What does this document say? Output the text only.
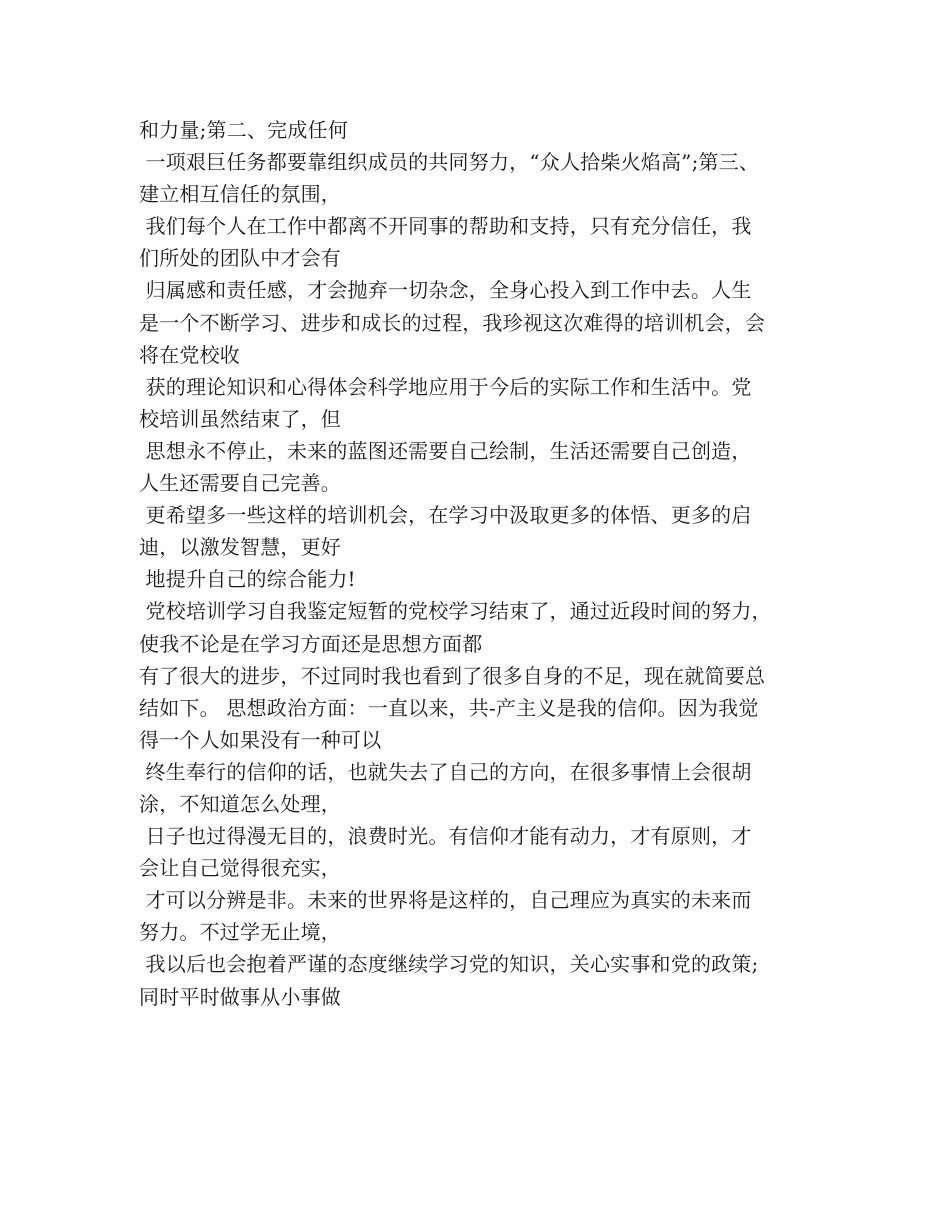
和力量;第二、完成任何
一项艰巨任务都要靠组织成员的共同努力，“众人拾柴火焰高”;第三、
建立相互信任的氛围，
我们每个人在工作中都离不开同事的帮助和支持，只有充分信任，我
们所处的团队中才会有
归属感和责任感，才会抛弃一切杂念，全身心投入到工作中去。人生
是一个不断学习、进步和成长的过程，我珍视这次难得的培训机会，会
将在党校收
获的理论知识和心得体会科学地应用于今后的实际工作和生活中。党
校培训虽然结束了，但
思想永不停止，未来的蓝图还需要自己绘制，生活还需要自己创造，
人生还需要自己完善。
更希望多一些这样的培训机会，在学习中汲取更多的体悟、更多的启
迪，以激发智慧，更好
地提升自己的综合能力!
党校培训学习自我鉴定短暂的党校学习结束了，通过近段时间的努力，
使我不论是在学习方面还是思想方面都
有了很大的进步，不过同时我也看到了很多自身的不足，现在就简要总
结如下。 思想政治方面：一直以来，共-产主义是我的信仰。因为我觉
得一个人如果没有一种可以
终生奉行的信仰的话，也就失去了自己的方向，在很多事情上会很胡
涂，不知道怎么处理，
日子也过得漫无目的，浪费时光。有信仰才能有动力，才有原则，才
会让自己觉得很充实，
才可以分辨是非。未来的世界将是这样的，自己理应为真实的未来而
努力。不过学无止境，
我以后也会抱着严谨的态度继续学习党的知识，关心实事和党的政策;
同时平时做事从小事做
